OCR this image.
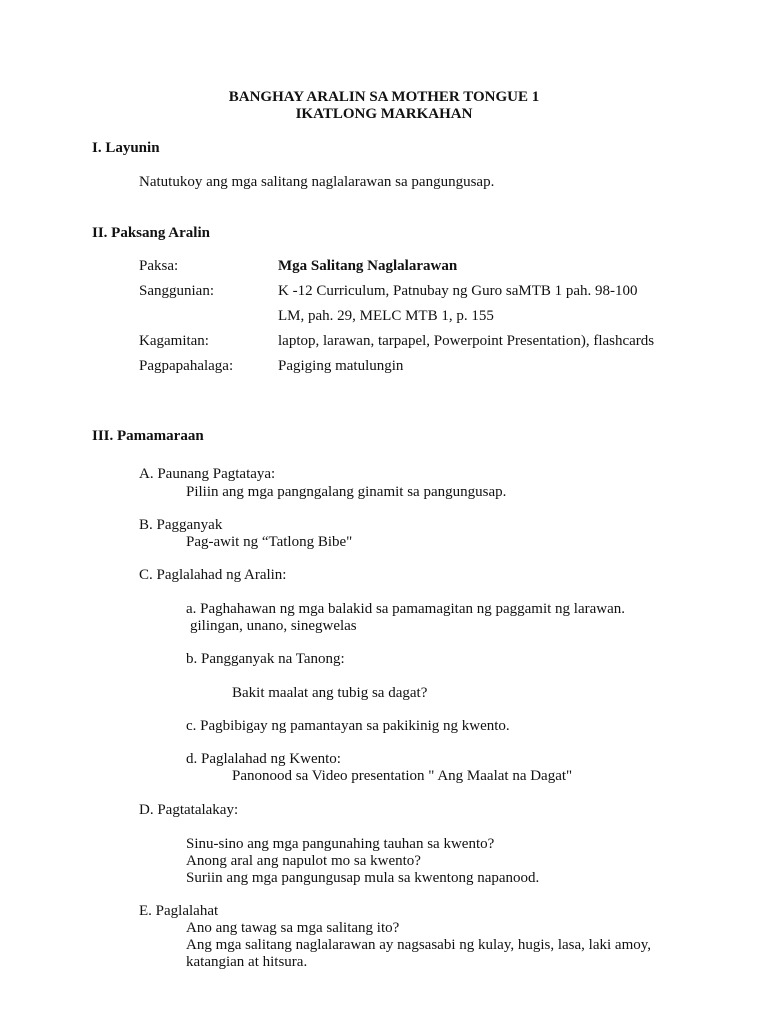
BANGHAY ARALIN SA MOTHER TONGUE 1
IKATLONG MARKAHAN
I. Layunin
Natutukoy ang mga salitang naglalarawan sa pangungusap.
II. Paksang Aralin
Paksa:	Mga Salitang Naglalarawan
Sanggunian:	K -12 Curriculum, Patnubay ng Guro saMTB 1 pah. 98-100
LM, pah. 29, MELC MTB 1, p. 155
Kagamitan:	laptop, larawan, tarpapel, Powerpoint Presentation), flashcards
Pagpapahalaga:	Pagiging matulungin
III. Pamamaraan
A. Paunang Pagtataya:
Piliin ang mga pangngalang ginamit sa pangungusap.
B. Pagganyak
Pag-awit ng “Tatlong Bibe"
C. Paglalahad ng Aralin:
a. Paghahawan ng mga balakid sa pamamagitan ng paggamit ng larawan.
gilingan, unano, sinegwelas
b. Pangganyak na Tanong:
Bakit maalat ang tubig sa dagat?
c. Pagbibigay ng pamantayan sa pakikinig ng kwento.
d. Paglalahad ng Kwento:
Panonood sa Video presentation " Ang Maalat na Dagat"
D. Pagtatalakay:
Sinu-sino ang mga pangunahing tauhan sa kwento?
Anong aral ang napulot mo sa kwento?
Suriin ang mga pangungusap mula sa kwentong napanood.
E. Paglalahat
Ano ang tawag sa mga salitang ito?
Ang mga salitang naglalarawan ay nagsasabi ng kulay, hugis, lasa, laki amoy,
katangian at hitsura.
